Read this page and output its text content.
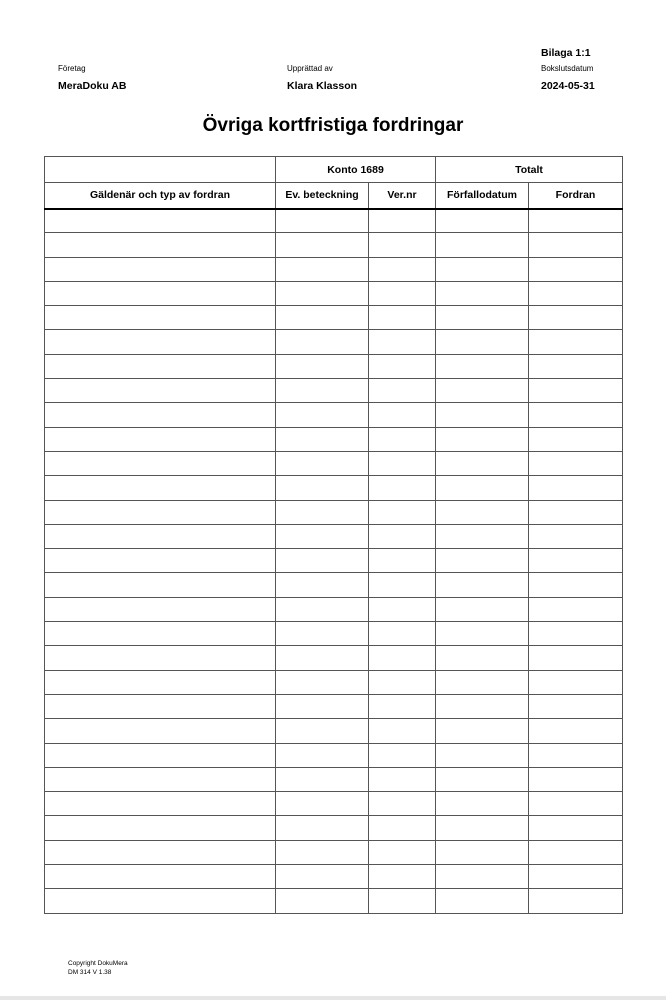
Bilaga 1:1
Företag
MeraDoku AB
Upprättad av
Klara Klasson
Bokslutsdatum
2024-05-31
Övriga kortfristiga fordringar
	Konto 1689		Totalt	
Gäldenär och typ av fordran	Ev. beteckning	Ver.nr	Förfallodatum	Fordran

Copyright DokuMera
DM 314 V 1.38
